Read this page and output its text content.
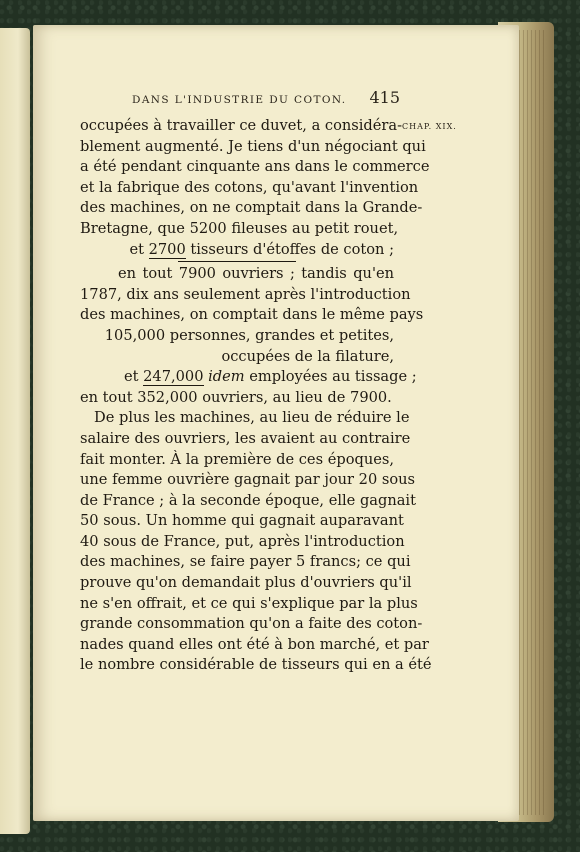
DANS L'INDUSTRIE DU COTON. 415
CHAP. XIX.
occupées à travailler ce duvet, a considéra-
blement augmenté. Je tiens d'un négociant qui
a été pendant cinquante ans dans le commerce
et la fabrique des cotons, qu'avant l'invention
des machines, on ne comptait dans la Grande-
Bretagne, que 5200 fileuses au petit rouet,
et 2700 tisseurs d'étoffes de coton ;
en tout 7900 ouvriers ; tandis qu'en
1787, dix ans seulement après l'introduction
des machines, on comptait dans le même pays
105,000 personnes, grandes et petites,
occupées de la filature,
et 247,000 idem employées au tissage ;
en tout 352,000 ouvriers, au lieu de 7900.
De plus les machines, au lieu de réduire le
salaire des ouvriers, les avaient au contraire
fait monter. À la première de ces époques,
une femme ouvrière gagnait par jour 20 sous
de France ; à la seconde époque, elle gagnait
50 sous. Un homme qui gagnait auparavant
40 sous de France, put, après l'introduction
des machines, se faire payer 5 francs; ce qui
prouve qu'on demandait plus d'ouvriers qu'il
ne s'en offrait, et ce qui s'explique par la plus
grande consommation qu'on a faite des coton-
nades quand elles ont été à bon marché, et par
le nombre considérable de tisseurs qui en a été
